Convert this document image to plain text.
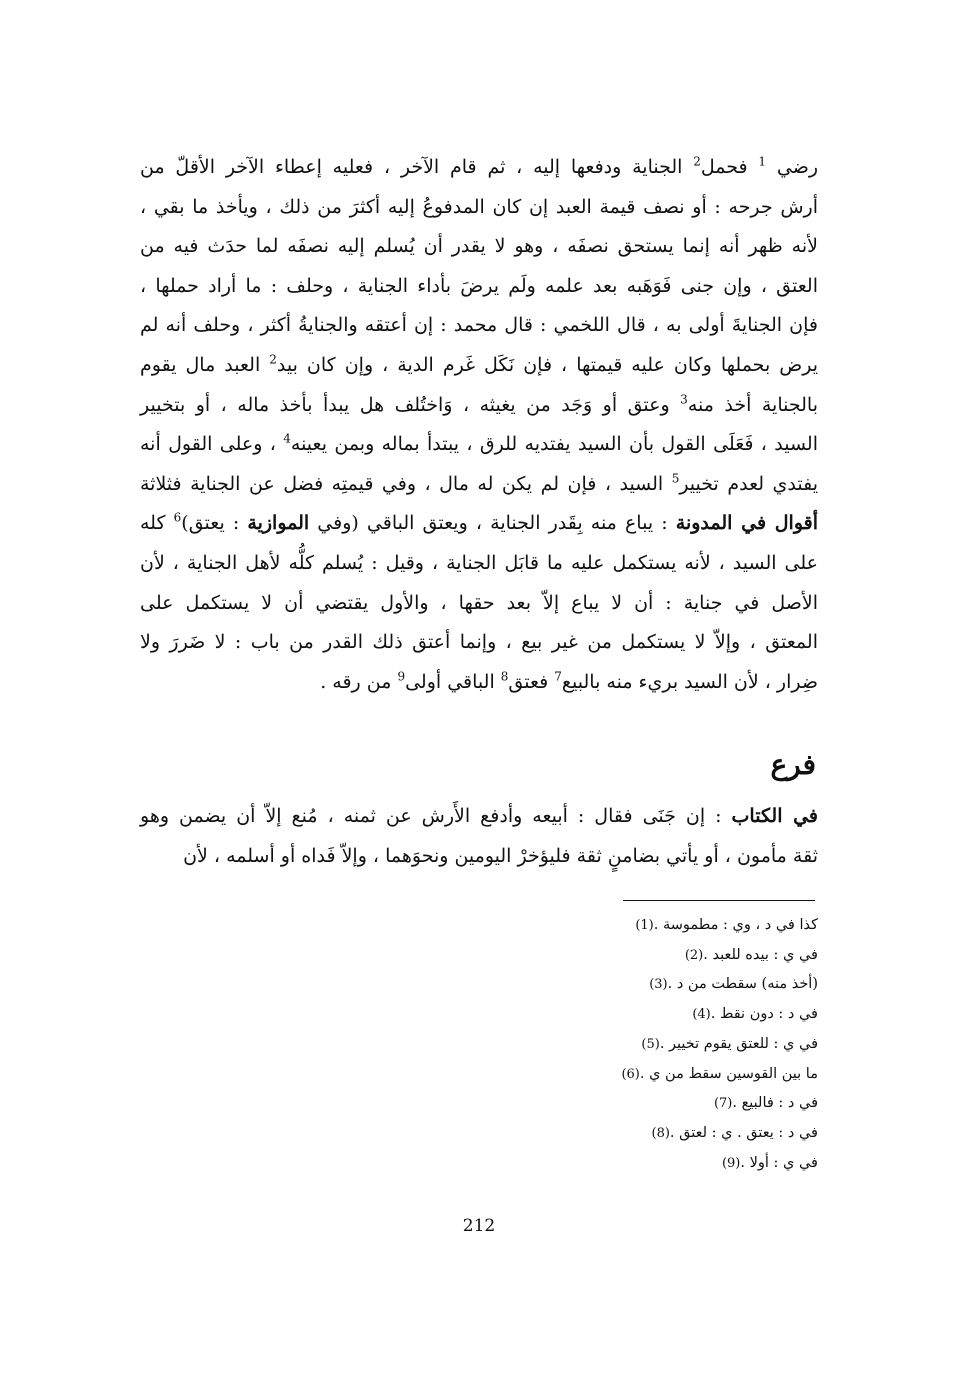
رضي $^1$ فحمل$^2$ الجناية ودفعها إليه ، ثم قام الآخر ، فعليه إعطاء الآخر الأقلّ من

أرش جرحه : أو نصف قيمة العبد إن كان المدفوعُ إليه أكثرَ من ذلك ، ويأخذ ما بقي ،

لأنه ظهر أنه إنما يستحق نصفَه ، وهو لا يقدر أن يُسلم إليه نصفَه لما حدَث فيه من

العتق ، وإن جنى فَوَهَبه بعد علمه ولَم يرضَ بأداء الجناية ، وحلف : ما أراد حملها ،

فإن الجنايةَ أولى به ، قال اللخمي : قال محمد : إن أعتقه والجنايةُ أكثر ، وحلف أنه لم

يرض بحملها وكان عليه قيمتها ، فإن نَكَل غَرم الدية ، وإن كان بيد$^2$ العبد مال يقوم

بالجناية أخذ منه$^3$ وعتق أو وَجَد من يغيثه ، وَاختُلف هل يبدأ بأخذ ماله ، أو بتخيير

السيد ، فَعَلَى القول بأن السيد يفتديه للرق ، يبتدأ بماله وبمن يعينه$^4$ ، وعلى القول أنه

يفتدي لعدم تخيير$^5$ السيد ، فإن لم يكن له مال ، وفي قيمتِه فضل عن الجناية فثلاثة

أقوال في المدونة : يباع منه بِقَدر الجناية ، ويعتق الباقي (وفي الموازية : يعتق)$^6$ كله

على السيد ، لأنه يستكمل عليه ما قابَل الجناية ، وقيل : يُسلم كلُّه لأهل الجناية ، لأن

الأصل في جناية : أن لا يباع إلاّ بعد حقها ، والأول يقتضي أن لا يستكمل على

المعتق ، وإلاّ لا يستكمل من غير بيع ، وإنما أعتق ذلك القدر من باب : لا ضَررَ ولا

ضِرار ، لأن السيد بريء منه بالبيع$^7$ فعتق$^8$ الباقي أولى$^9$ من رقه .

فرع

في الكتاب : إن جَنَى فقال : أبيعه وأدفع الأَرش عن ثمنه ، مُنع إلاّ أن يضمن وهو

ثقة مأمون ، أو يأتي بضامنٍ ثقة فليؤخرْ اليومين ونحوَهما ، وإلاّ فَداه أو أسلمه ، لأن

كذا في د ، وي : مطموسة .
(1)
في ي : بيده للعبد .
(2)
(أخذ منه) سقطت من د .
(3)
في د : دون نقط .
(4)
في ي : للعتق يقوم تخيير .
(5)
ما بين القوسين سقط من ي .
(6)
في د : فالبيع .
(7)
في د : يعتق . ي : لعتق .
(8)
في ي : أولا .
(9)
212
